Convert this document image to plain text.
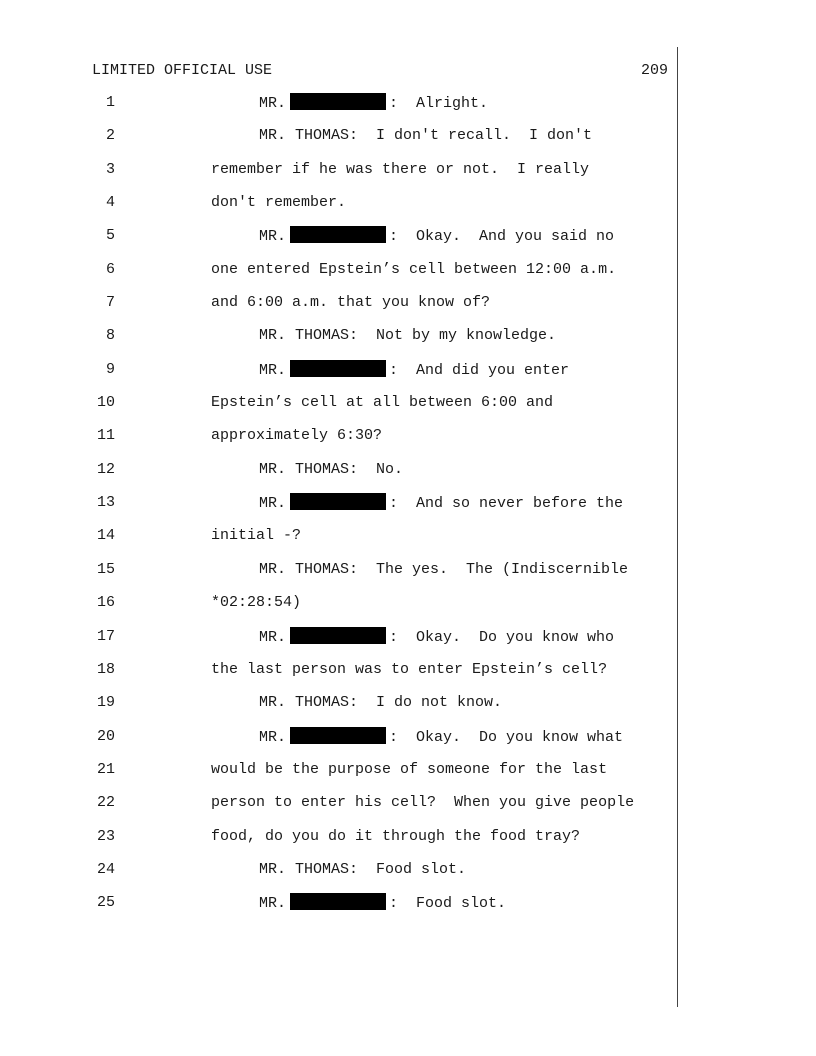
LIMITED OFFICIAL USE	209
1	MR.	:  Alright.
2	MR. THOMAS:  I don't recall.  I don't
3	remember if he was there or not.  I really
4	don't remember.
5	MR.	:  Okay.  And you said no
6	one entered Epstein’s cell between 12:00 a.m.
7	and 6:00 a.m. that you know of?
8	MR. THOMAS:  Not by my knowledge.
9	MR.	:  And did you enter
10	Epstein’s cell at all between 6:00 and
11	approximately 6:30?
12	MR. THOMAS:  No.
13	MR.	:  And so never before the
14	initial -?
15	MR. THOMAS:  The yes.  The (Indiscernible
16	*02:28:54)
17	MR.	:  Okay.  Do you know who
18	the last person was to enter Epstein’s cell?
19	MR. THOMAS:  I do not know.
20	MR.	:  Okay.  Do you know what
21	would be the purpose of someone for the last
22	person to enter his cell?  When you give people
23	food, do you do it through the food tray?
24	MR. THOMAS:  Food slot.
25	MR.	:  Food slot.
